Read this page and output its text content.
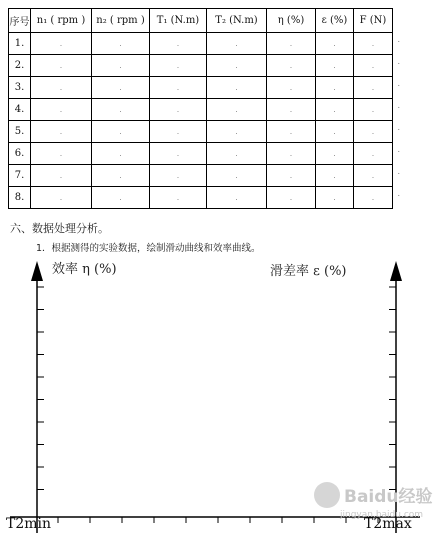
序号	n₁ ( rpm )	n₂ ( rpm )	T₁ (N.m)	T₂ (N.m)	η (%)	ε (%)	F (N)
1.	.	.	.	.	.	.	. .

2.	.	.	.	.	.	.	. .

3.	.	.	.	.	.	.	. .

4.	.	.	.	.	.	.	. .

5.	.	.	.	.	.	.	. .

6.	.	.	.	.	.	.	. .

7.	.	.	.	.	.	.	. .

8.	.	.	.	.	.	.	. .
六、数据处理分析。
1．根据测得的实验数据，绘制滑动曲线和效率曲线。
效率 η (%)	滑差率 ε (%)
T2min	T2max
Baidu经验
jingyan.baidu.com
